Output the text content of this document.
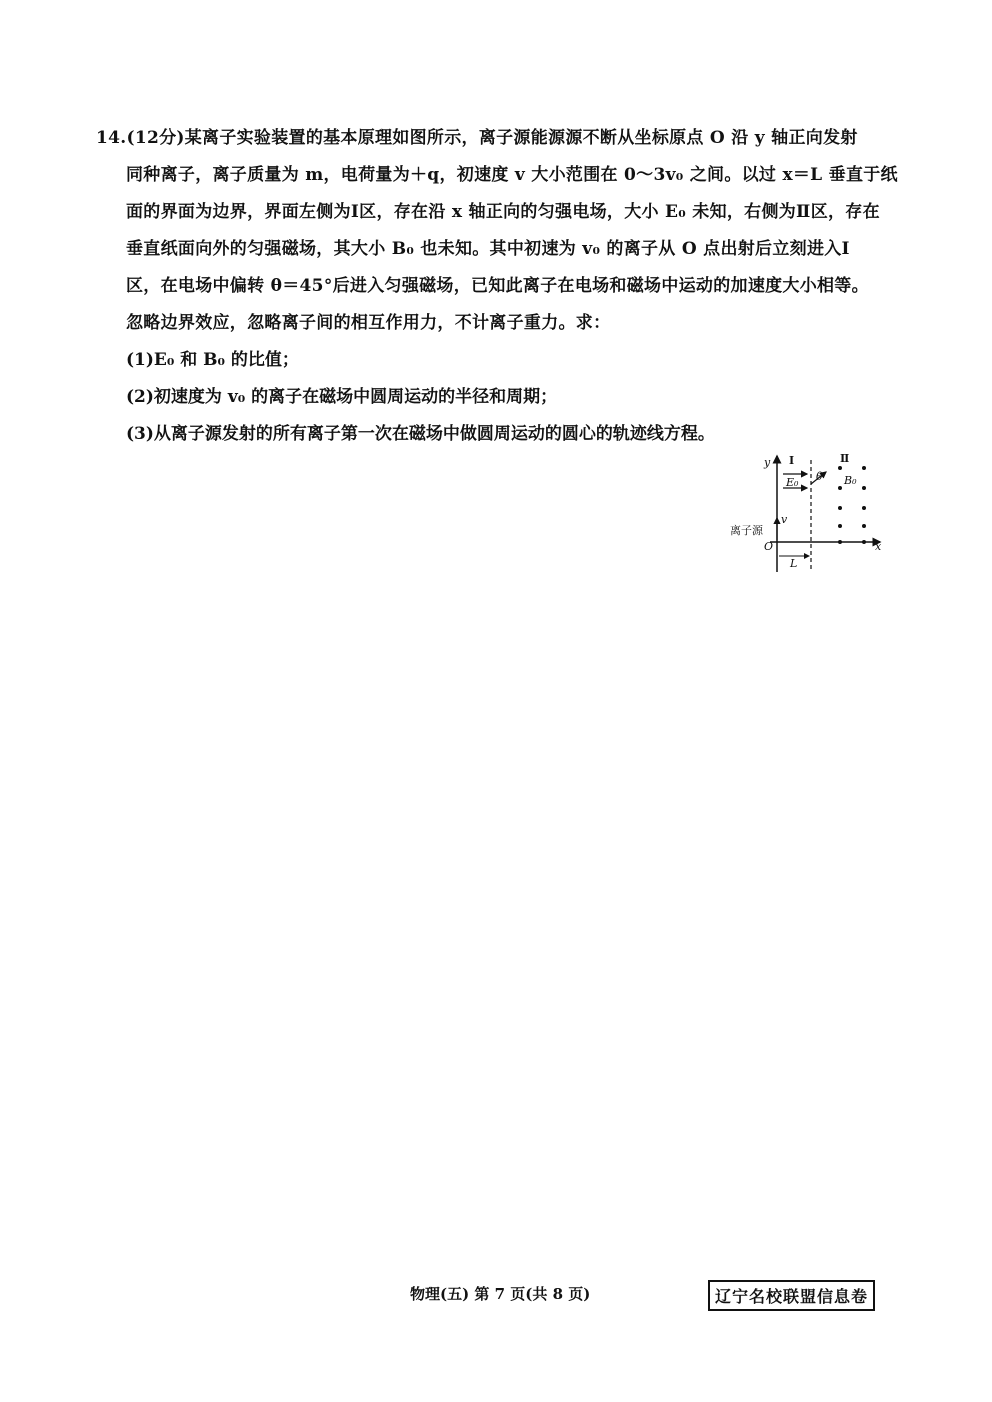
14.(12分)某离子实验装置的基本原理如图所示，离子源能源源不断从坐标原点 O 沿 y 轴正向发射
同种离子，离子质量为 m，电荷量为＋q，初速度 v 大小范围在 0～3v₀ 之间。以过 x＝L 垂直于纸
面的界面为边界，界面左侧为Ⅰ区，存在沿 x 轴正向的匀强电场，大小 E₀ 未知，右侧为Ⅱ区，存在
垂直纸面向外的匀强磁场，其大小 B₀ 也未知。其中初速为 v₀ 的离子从 O 点出射后立刻进入Ⅰ
区，在电场中偏转 θ＝45°后进入匀强磁场，已知此离子在电场和磁场中运动的加速度大小相等。
忽略边界效应，忽略离子间的相互作用力，不计离子重力。求：
(1)E₀ 和 B₀ 的比值；
(2)初速度为 v₀ 的离子在磁场中圆周运动的半径和周期；
(3)从离子源发射的所有离子第一次在磁场中做圆周运动的圆心的轨迹线方程。
y
x
O
Ⅰ	Ⅱ
E₀	B₀
θ
v
离子源
L
物理(五) 第 7 页(共 8 页)	辽宁名校联盟信息卷
